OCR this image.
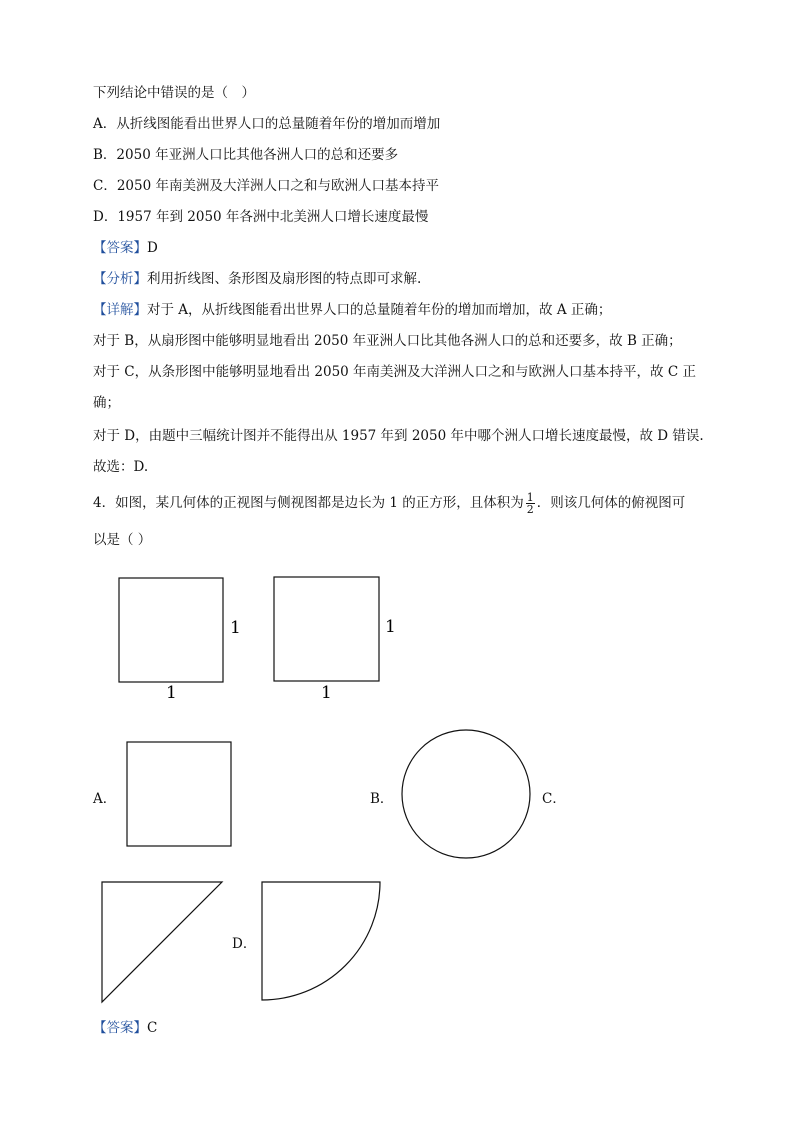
下列结论中错误的是（　）
A．从折线图能看出世界人口的总量随着年份的增加而增加
B．2050 年亚洲人口比其他各洲人口的总和还要多
C．2050 年南美洲及大洋洲人口之和与欧洲人口基本持平
D．1957 年到 2050 年各洲中北美洲人口增长速度最慢
【答案】D
【分析】利用折线图、条形图及扇形图的特点即可求解.
【详解】对于 A，从折线图能看出世界人口的总量随着年份的增加而增加，故 A 正确；
对于 B，从扇形图中能够明显地看出 2050 年亚洲人口比其他各洲人口的总和还要多，故 B 正确；
对于 C，从条形图中能够明显地看出 2050 年南美洲及大洋洲人口之和与欧洲人口基本持平，故 C 正
确；
对于 D，由题中三幅统计图并不能得出从 1957 年到 2050 年中哪个洲人口增长速度最慢，故 D 错误.
故选：D.
4．如图，某几何体的正视图与侧视图都是边长为 1 的正方形，且体积为 $\frac{1}{2}$ ．则该几何体的俯视图可
以是（ ）
1
1
1
1
A．	B．	C．
D．
【答案】C
